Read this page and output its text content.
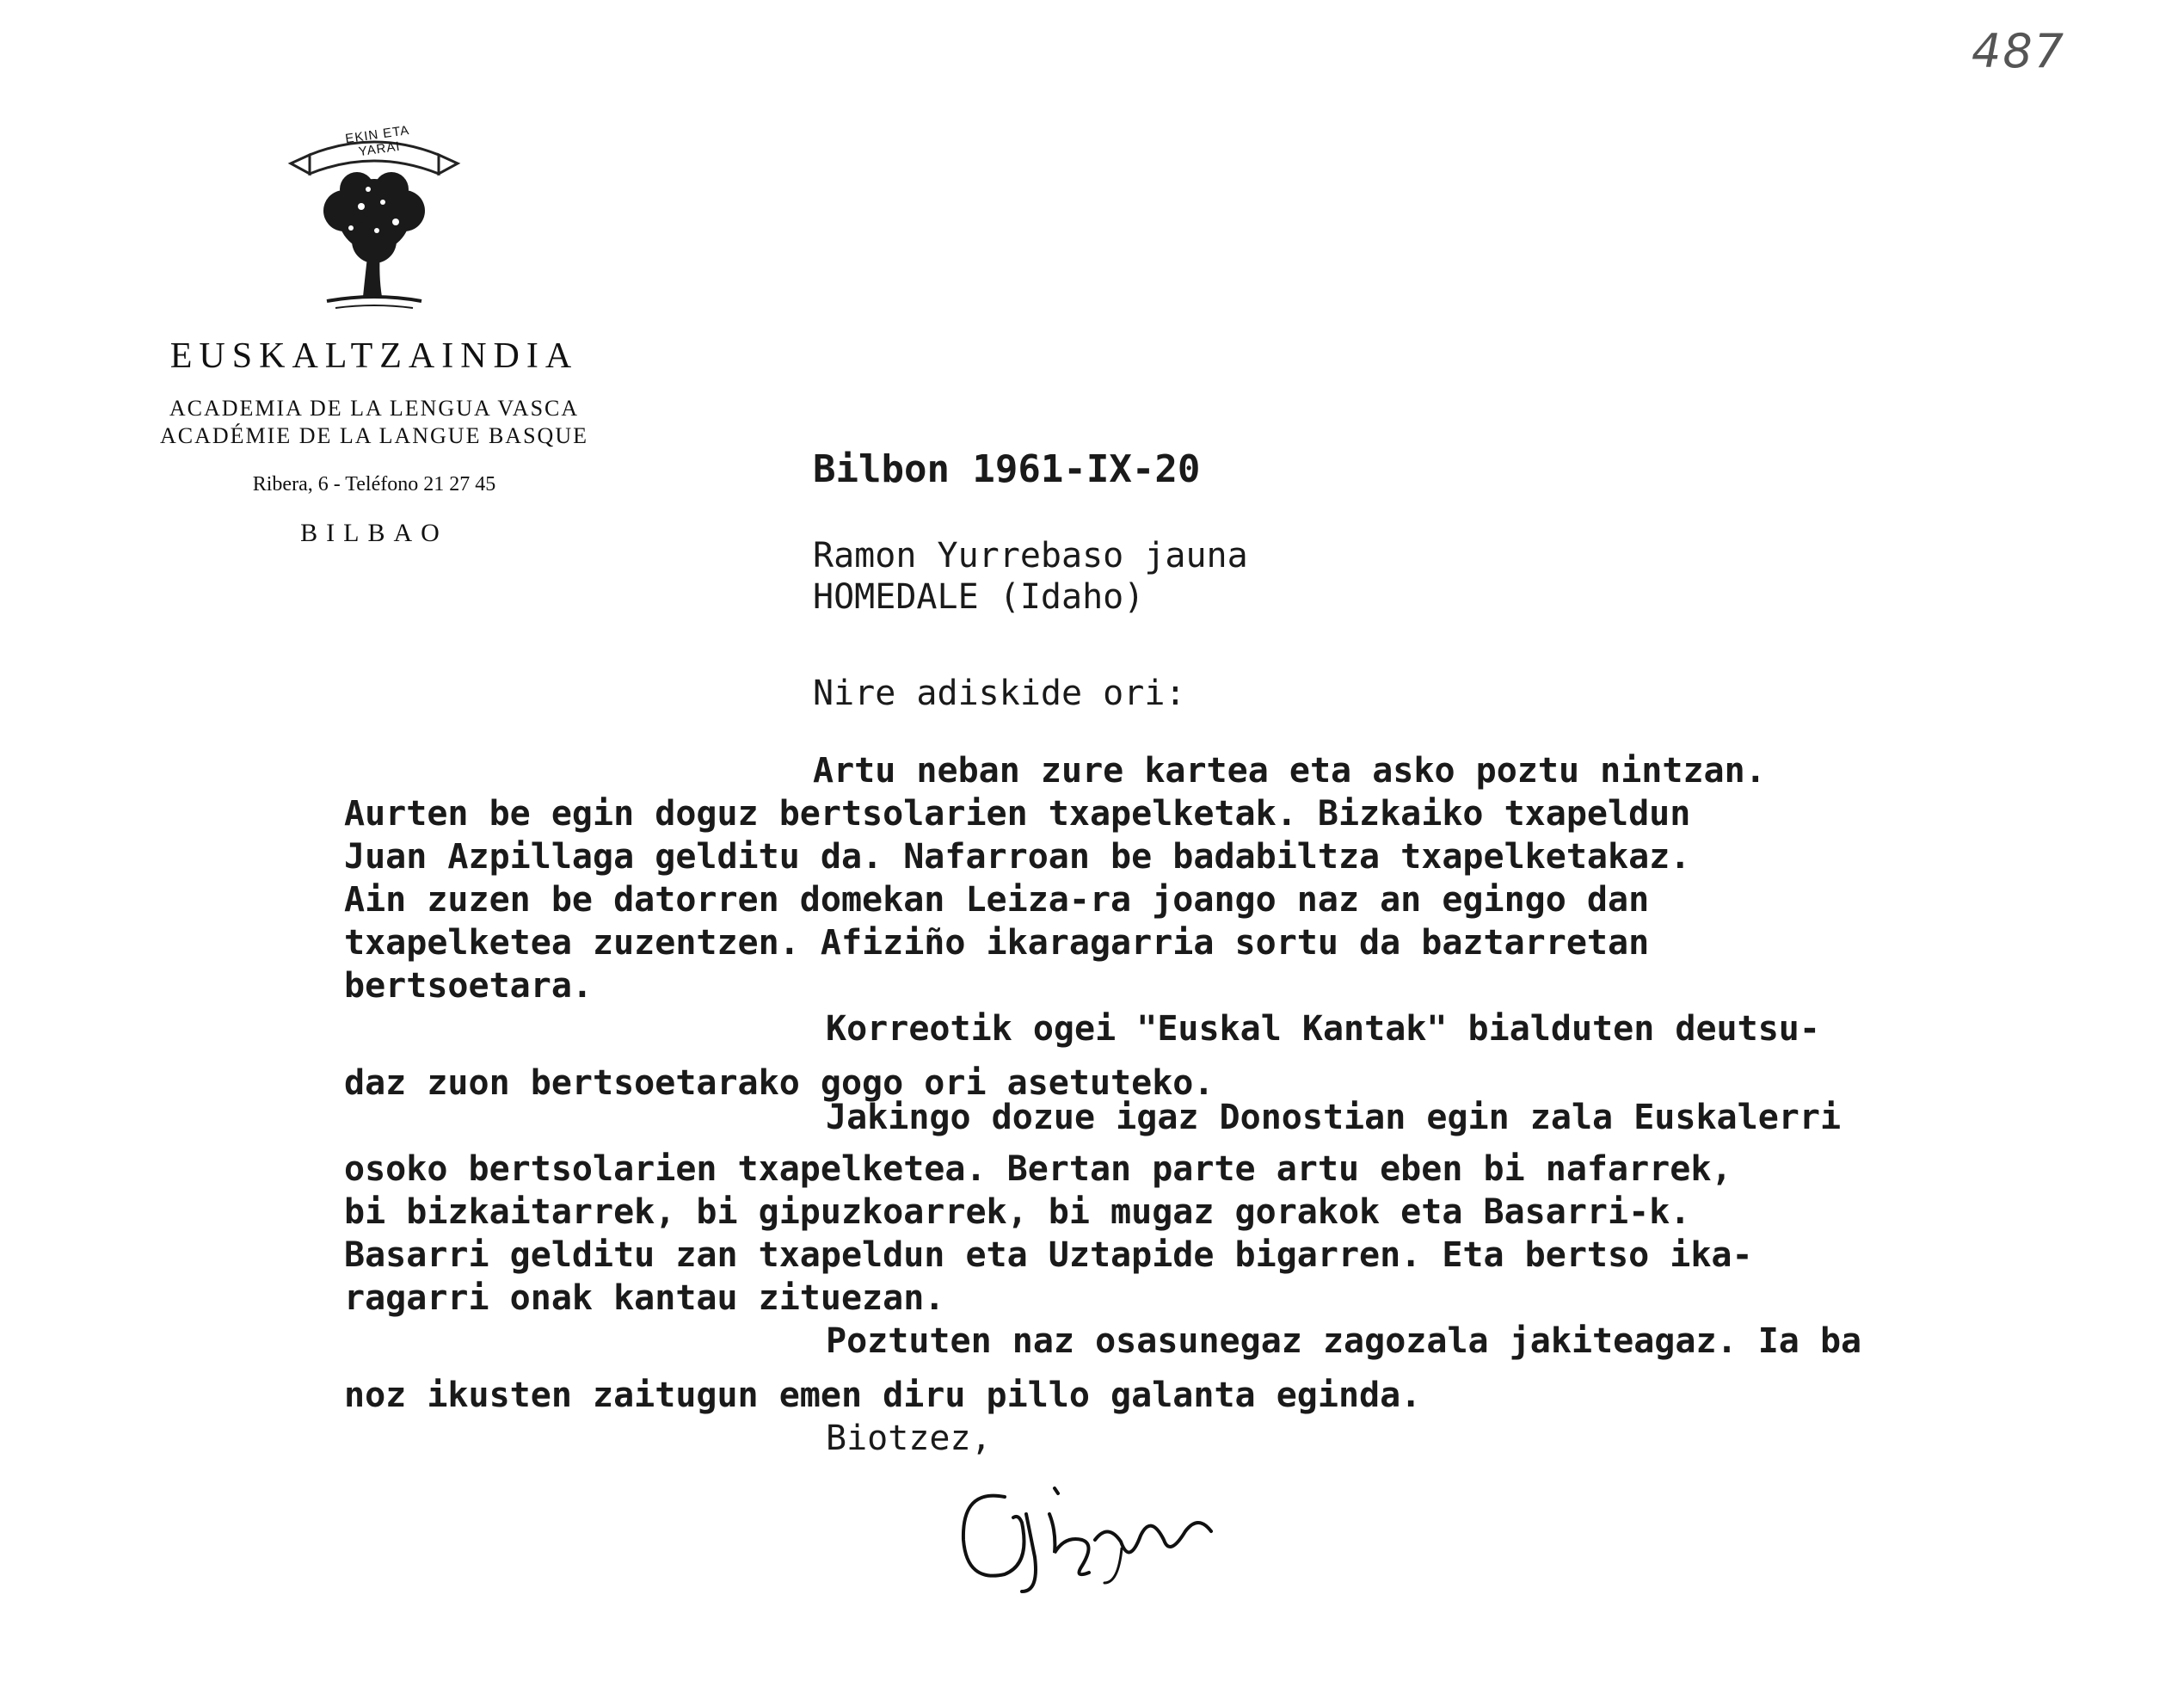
487
EKIN ETA YARAI
EUSKALTZAINDIA
ACADEMIA DE LA LENGUA VASCA
ACADÉMIE DE LA LANGUE BASQUE
Ribera, 6 - Teléfono 21 27 45
BILBAO
Bilbon 1961-IX-20
Ramon Yurrebaso jauna
HOMEDALE (Idaho)
Nire adiskide ori:
Artu neban zure kartea eta asko poztu nintzan.
Aurten be egin doguz bertsolarien txapelketak. Bizkaiko txapeldun
Juan Azpillaga gelditu da. Nafarroan be badabiltza txapelketakaz.
Ain zuzen be datorren domekan Leiza-ra joango naz an egingo dan
txapelketea zuzentzen. Afiziño ikaragarria sortu da baztarretan
bertsoetara.
Korreotik ogei "Euskal Kantak" bialduten deutsu-
daz zuon bertsoetarako gogo ori asetuteko.
Jakingo dozue igaz Donostian egin zala Euskalerri
osoko bertsolarien txapelketea. Bertan parte artu eben bi nafarrek,
bi bizkaitarrek, bi gipuzkoarrek, bi mugaz gorakok eta Basarri-k.
Basarri gelditu zan txapeldun eta Uztapide bigarren. Eta bertso ika-
ragarri onak kantau zituezan.
Poztuten naz osasunegaz zagozala jakiteagaz. Ia ba
noz ikusten zaitugun emen diru pillo galanta eginda.
Biotzez,
